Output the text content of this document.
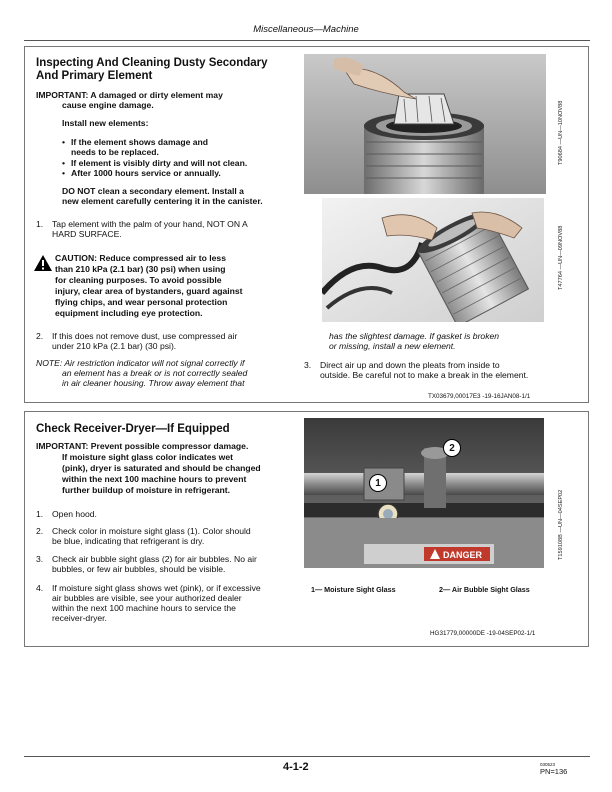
Miscellaneous—Machine
Inspecting And Cleaning Dusty Secondary
And Primary Element

IMPORTANT: A damaged or dirty element may

cause engine damage.

Install new elements:

• If the element shows damage and

needs to be replaced.

• If element is visibly dirty and will not clean.

• After 1000 hours service or annually.

DO NOT clean a secondary element. Install a

new element carefully centering it in the canister.

1. Tap element with the palm of your hand, NOT ON A

HARD SURFACE.

CAUTION: Reduce compressed air to less

than 210 kPa (2.1 bar) (30 psi) when using

for cleaning purposes. To avoid possible

injury, clear area of bystanders, guard against

flying chips, and wear personal protection

equipment including eye protection.

2. If this does not remove dust, use compressed air

under 210 kPa (2.1 bar) (30 psi).

NOTE: Air restriction indicator will not signal correctly if

an element has a break or is not correctly sealed

in air cleaner housing. Throw away element that

has the slightest damage. If gasket is broken

or missing, install a new element.

3. Direct air up and down the pleats from inside to

outside. Be careful not to make a break in the element.

TX03679,00017E3 -19-16JAN08-1/1

T90684 —UN—10NOV88
T47764 —UN—09NOV88
Check Receiver-Dryer—If Equipped

IMPORTANT: Prevent possible compressor damage.

If moisture sight glass color indicates wet

(pink), dryer is saturated and should be changed

within the next 100 machine hours to prevent

further buildup of moisture in refrigerant.

1. Open hood.

2. Check color in moisture sight glass (1). Color should

be blue, indicating that refrigerant is dry.

3. Check air bubble sight glass (2) for air bubbles. No air

bubbles, or few air bubbles, should be visible.

4. If moisture sight glass shows wet (pink), or if excessive

air bubbles are visible, see your authorized dealer

within the next 100 machine hours to service the

receiver-dryer.

DANGER
2
1
T159108B —UN—04SEP02

1— Moisture Sight Glass	2— Air Bubble Sight Glass

HG31779,00000DE -19-04SEP02-1/1

4-1-2	030523

PN=136
